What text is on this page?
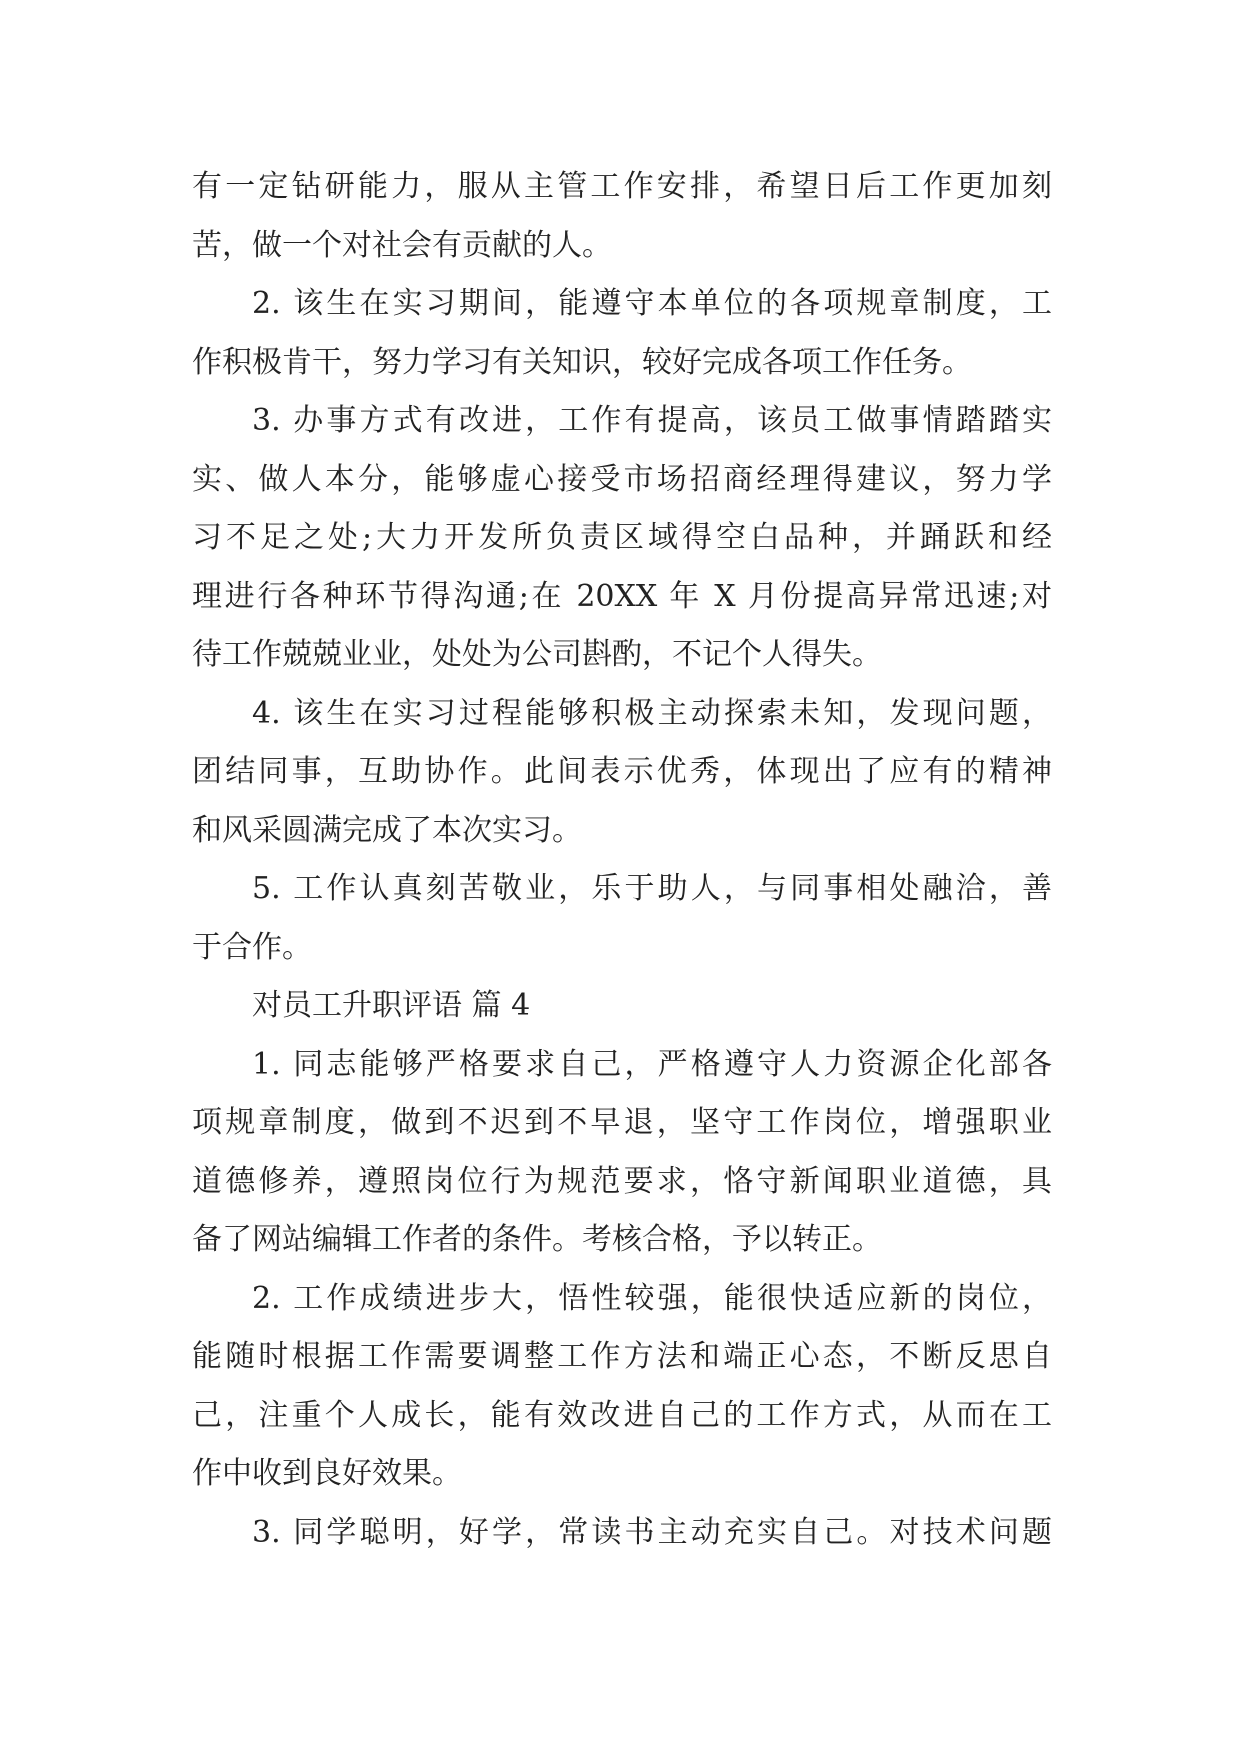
有一定钻研能力，服从主管工作安排，希望日后工作更加刻
苦，做一个对社会有贡献的人。
2. 该生在实习期间，能遵守本单位的各项规章制度，工
作积极肯干，努力学习有关知识，较好完成各项工作任务。
3. 办事方式有改进，工作有提高，该员工做事情踏踏实
实、做人本分，能够虚心接受市场招商经理得建议，努力学
习不足之处;大力开发所负责区域得空白品种，并踊跃和经
理进行各种环节得沟通;在 20XX 年 X 月份提高异常迅速;对
待工作兢兢业业，处处为公司斟酌，不记个人得失。
4. 该生在实习过程能够积极主动探索未知，发现问题，
团结同事，互助协作。此间表示优秀，体现出了应有的精神
和风采圆满完成了本次实习。
5. 工作认真刻苦敬业，乐于助人，与同事相处融洽，善
于合作。
对员工升职评语 篇 4
1. 同志能够严格要求自己，严格遵守人力资源企化部各
项规章制度，做到不迟到不早退，坚守工作岗位，增强职业
道德修养，遵照岗位行为规范要求，恪守新闻职业道德，具
备了网站编辑工作者的条件。考核合格，予以转正。
2. 工作成绩进步大，悟性较强，能很快适应新的岗位，
能随时根据工作需要调整工作方法和端正心态，不断反思自
己，注重个人成长，能有效改进自己的工作方式，从而在工
作中收到良好效果。
3. 同学聪明，好学，常读书主动充实自己。对技术问题
